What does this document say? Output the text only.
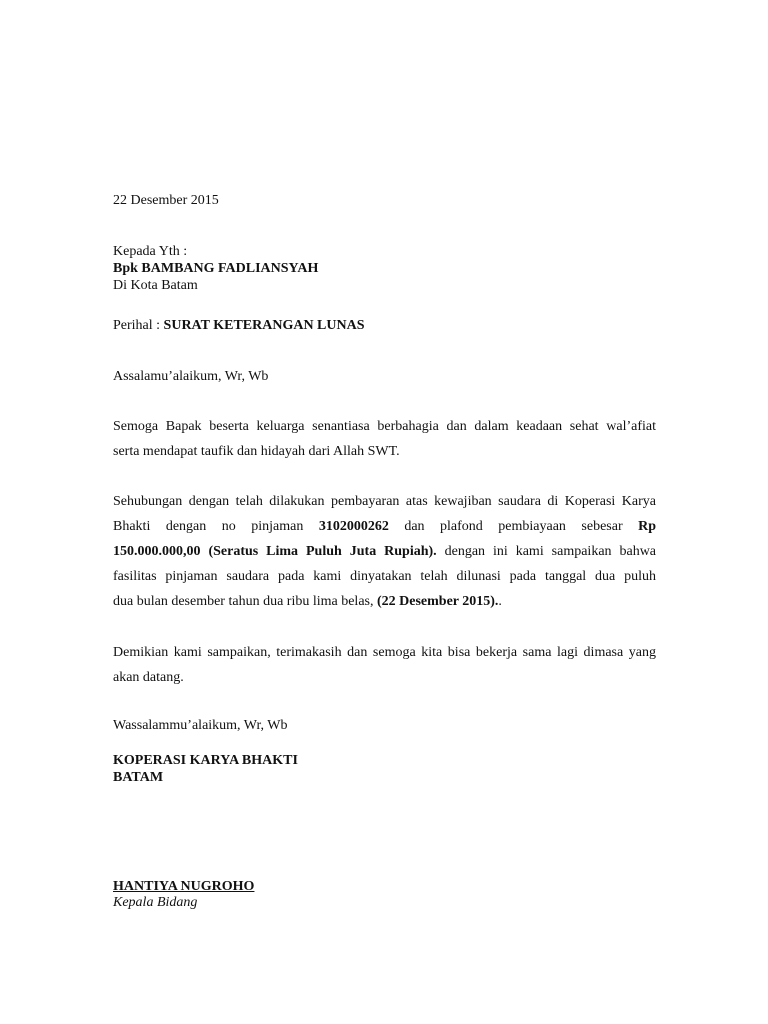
22 Desember 2015
Kepada Yth :
Bpk BAMBANG FADLIANSYAH
Di Kota Batam
Perihal : SURAT KETERANGAN LUNAS
Assalamu’alaikum, Wr, Wb
Semoga Bapak beserta keluarga senantiasa berbahagia dan dalam keadaan sehat wal’afiat
serta mendapat taufik dan hidayah dari Allah SWT.
Sehubungan dengan telah dilakukan pembayaran atas kewajiban saudara di Koperasi Karya
Bhakti dengan no pinjaman 3102000262 dan plafond pembiayaan sebesar Rp
150.000.000,00 (Seratus Lima Puluh Juta Rupiah). dengan ini kami sampaikan bahwa
fasilitas pinjaman saudara pada kami dinyatakan telah dilunasi pada tanggal dua puluh
dua bulan desember tahun dua ribu lima belas, (22 Desember 2015)..
Demikian kami sampaikan, terimakasih dan semoga kita bisa bekerja sama lagi dimasa yang
akan datang.
Wassalammu’alaikum, Wr, Wb
KOPERASI KARYA BHAKTI
BATAM
HANTIYA NUGROHO
Kepala Bidang
